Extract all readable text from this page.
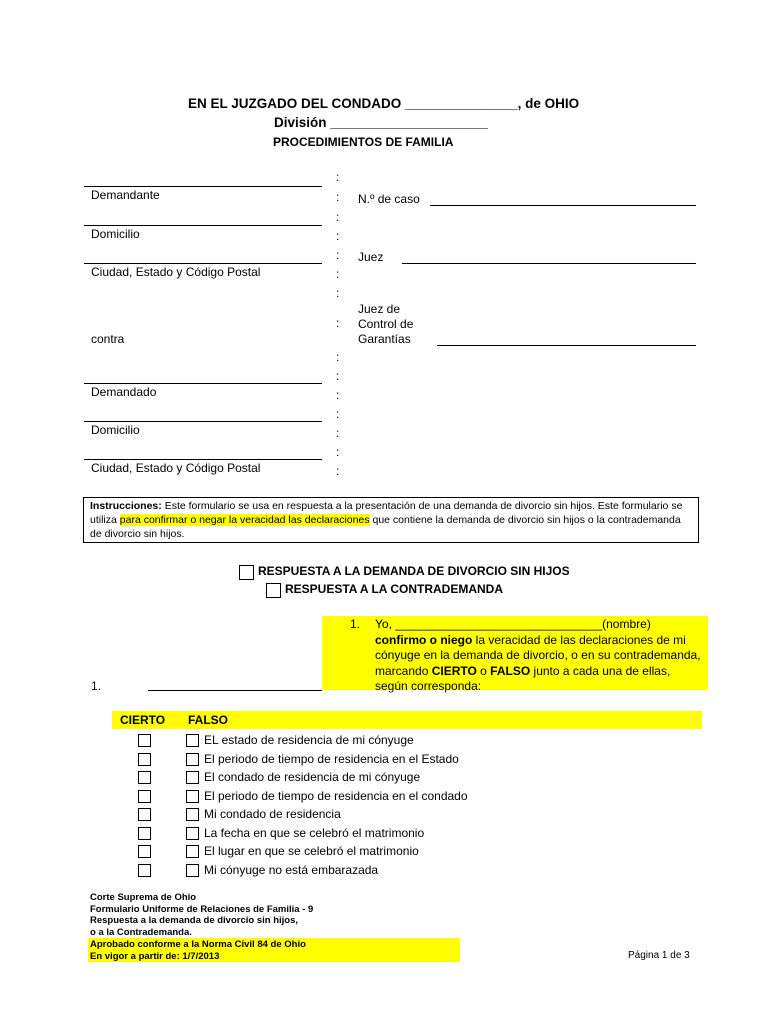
EN EL JUZGADO DEL CONDADO _______________, de OHIO
División _____________________
PROCEDIMIENTOS DE FAMILIA
Demandante
Domicilio
Ciudad, Estado y Código Postal
contra
Demandado
Domicilio
Ciudad, Estado y Código Postal
:
:
:
:
:
:
:
:
:
:
:
:
:
:
:
N.º de caso
Juez
Juez de
Control de
Garantías
Instrucciones: Este formulario se usa en respuesta a la presentación de una demanda de divorcio sin hijos. Este formulario se utiliza para confirmar o negar la veracidad las declaraciones que contiene la demanda de divorcio sin hijos o la contrademanda de divorcio sin hijos.
RESPUESTA A LA DEMANDA DE DIVORCIO SIN HIJOS
RESPUESTA A LA CONTRADEMANDA
1. Yo, _______________________________(nombre)
confirmo o niego la veracidad de las declaraciones de mi cónyuge en la demanda de divorcio, o en su contrademanda, marcando CIERTO o FALSO junto a cada una de ellas, según corresponda:
1.
CIERTO FALSO
EL estado de residencia de mi cónyuge
El periodo de tiempo de residencia en el Estado
El condado de residencia de mi cónyuge
El periodo de tiempo de residencia en el condado
Mi condado de residencia
La fecha en que se celebró el matrimonio
El lugar en que se celebró el matrimonio
Mi cónyuge no está embarazada
Corte Suprema de Ohio
Formulario Uniforme de Relaciones de Familia - 9
Respuesta a la demanda de divorcio sin hijos,
o a la Contrademanda.
Aprobado conforme a la Norma Civil 84 de Ohio
En vigor a partir de: 1/7/2013	Página 1 de 3
